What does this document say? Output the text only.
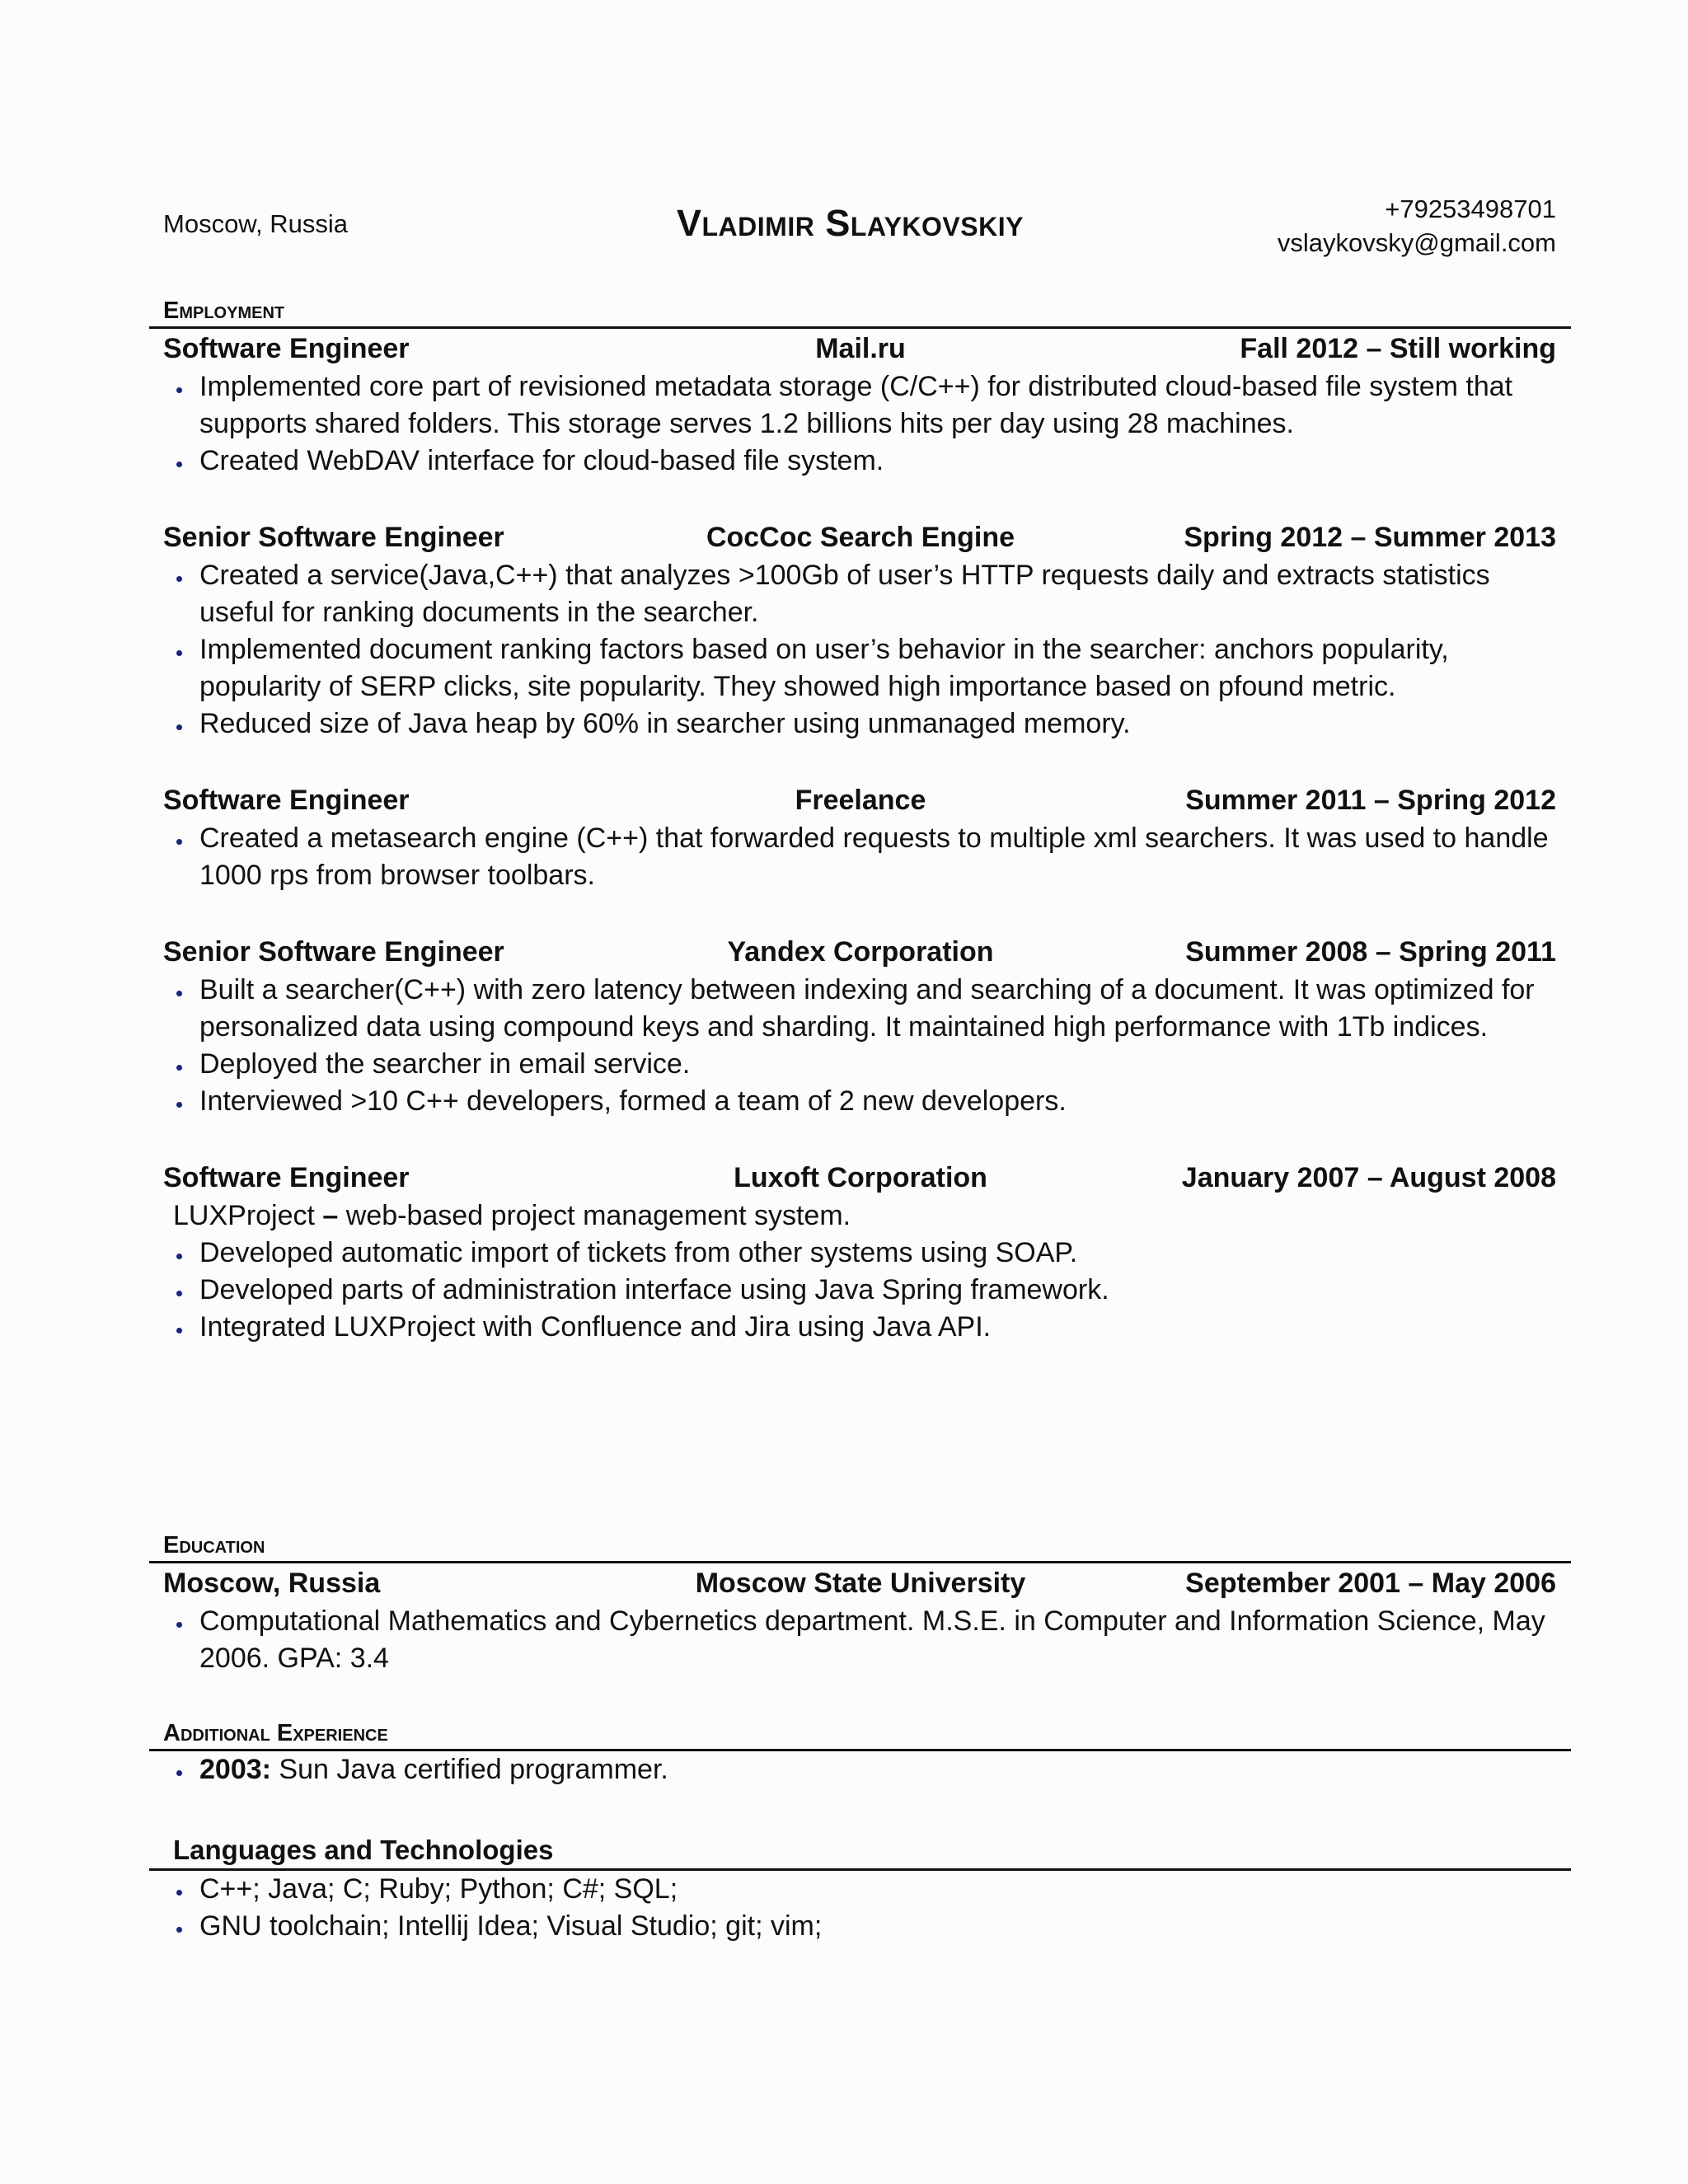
Moscow, Russia	Vladimir Slaykovskiy	+79253498701
vslaykovsky@gmail.com
Employment
Software Engineer	Mail.ru	Fall 2012 – Still working
Implemented core part of revisioned metadata storage (C/C++) for distributed cloud-based file system that supports shared folders. This storage serves 1.2 billions hits per day using 28 machines.
Created WebDAV interface for cloud-based file system.
Senior Software Engineer	CocCoc Search Engine	Spring 2012 – Summer 2013
Created a service(Java,C++) that analyzes >100Gb of user’s HTTP requests daily and extracts statistics useful for ranking documents in the searcher.
Implemented document ranking factors based on user’s behavior in the searcher: anchors popularity, popularity of SERP clicks, site popularity. They showed high importance based on pfound metric.
Reduced size of Java heap by 60% in searcher using unmanaged memory.
Software Engineer	Freelance	Summer 2011 – Spring 2012
Created a metasearch engine (C++) that forwarded requests to multiple xml searchers. It was used to handle 1000 rps from browser toolbars.
Senior Software Engineer	Yandex Corporation	Summer 2008 – Spring 2011
Built a searcher(C++) with zero latency between indexing and searching of a document. It was optimized for personalized data using compound keys and sharding. It maintained high performance with 1Tb indices.
Deployed the searcher in email service.
Interviewed >10 C++ developers, formed a team of 2 new developers.
Software Engineer	Luxoft Corporation	January 2007 – August 2008
LUXProject – web-based project management system.
Developed automatic import of tickets from other systems using SOAP.
Developed parts of administration interface using Java Spring framework.
Integrated LUXProject with Confluence and Jira using Java API.
Education
Moscow, Russia	Moscow State University	September 2001 – May 2006
Computational Mathematics and Cybernetics department. M.S.E. in Computer and Information Science, May 2006. GPA: 3.4
Additional Experience
2003: Sun Java certified programmer.
Languages and Technologies
C++; Java; C; Ruby; Python; C#; SQL;
GNU toolchain; Intellij Idea; Visual Studio; git; vim;
